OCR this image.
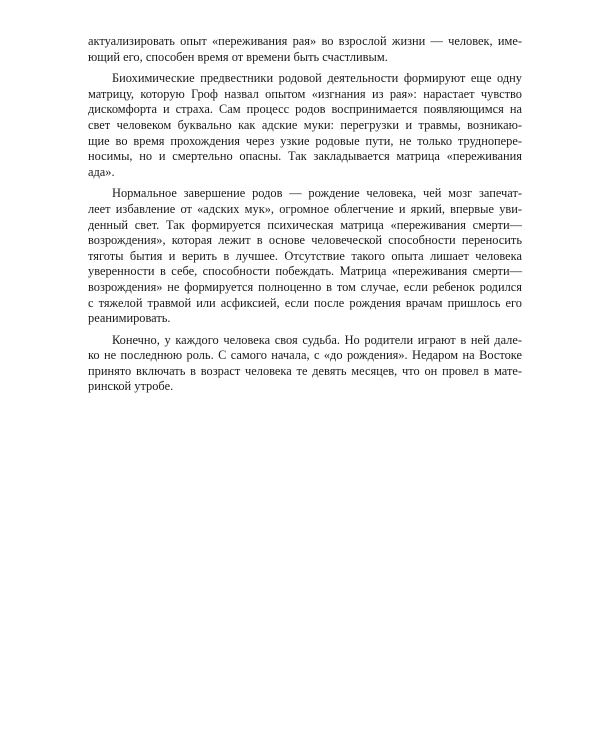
актуализировать опыт «переживания рая» во взрослой жизни — человек, име-
ющий его, способен время от времени быть счастливым.
Биохимические предвестники родовой деятельности формируют еще одну
матрицу, которую Гроф назвал опытом «изгнания из рая»: нарастает чувство
дискомфорта и страха. Сам процесс родов воспринимается появляющимся на
свет человеком буквально как адские муки: перегрузки и травмы, возникаю-
щие во время прохождения через узкие родовые пути, не только труднопере-
носимы, но и смертельно опасны. Так закладывается матрица «переживания
ада».
Нормальное завершение родов — рождение человека, чей мозг запечат-
леет избавление от «адских мук», огромное облегчение и яркий, впервые уви-
денный свет. Так формируется психическая матрица «переживания смерти—
возрождения», которая лежит в основе человеческой способности переносить
тяготы бытия и верить в лучшее. Отсутствие такого опыта лишает человека
уверенности в себе, способности побеждать. Матрица «переживания смерти—
возрождения» не формируется полноценно в том случае, если ребенок родился
с тяжелой травмой или асфиксией, если после рождения врачам пришлось его
реанимировать.
Конечно, у каждого человека своя судьба. Но родители играют в ней дале-
ко не последнюю роль. С самого начала, с «до рождения». Недаром на Востоке
принято включать в возраст человека те девять месяцев, что он провел в мате-
ринской утробе.
